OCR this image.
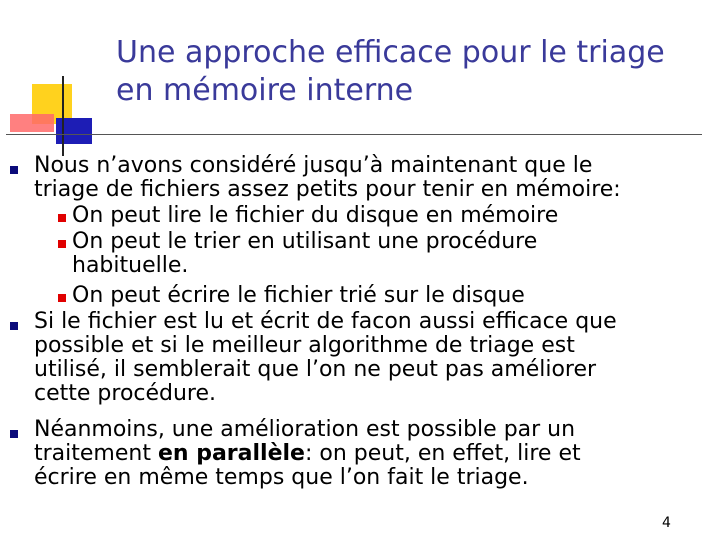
Une approche efficace pour le triage
en mémoire interne
Nous n’avons considéré jusqu’à maintenant que le
triage de fichiers assez petits pour tenir en mémoire:
On peut lire le fichier du disque en mémoire
On peut le trier en utilisant une procédure
habituelle.
On peut écrire le fichier trié sur le disque
Si le fichier est lu et écrit de facon aussi efficace que
possible et si le meilleur algorithme de triage est
utilisé, il semblerait que l’on ne peut pas améliorer
cette procédure.
Néanmoins, une amélioration est possible par un
traitement en parallèle: on peut, en effet, lire et
écrire en même temps que l’on fait le triage.
4
